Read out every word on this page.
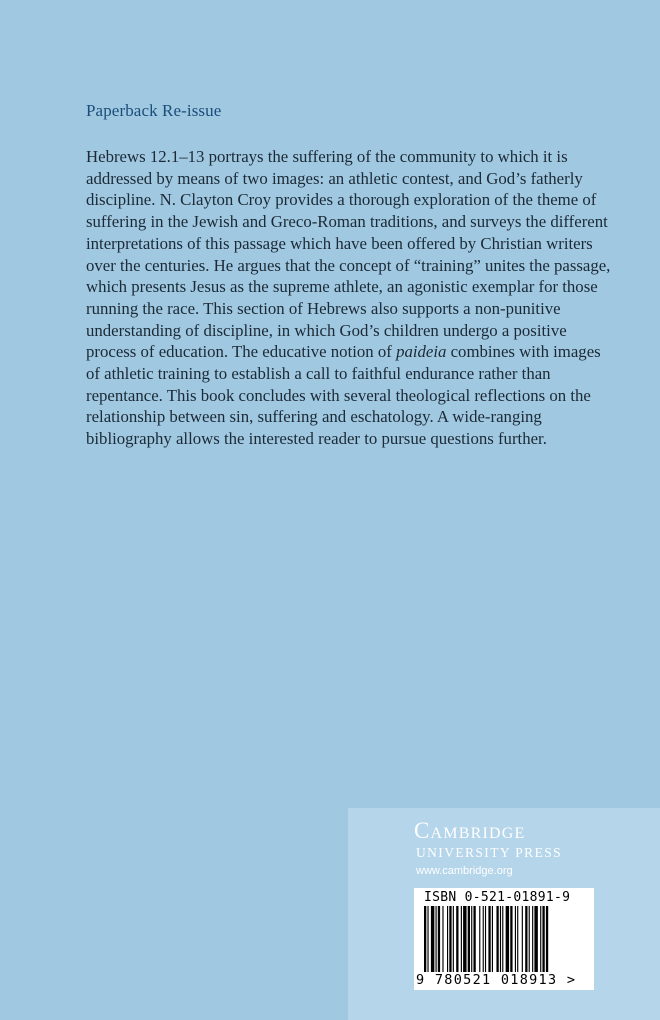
Paperback Re-issue

Hebrews 12.1–13 portrays the suffering of the community to which it is addressed by means of two images: an athletic contest, and God’s fatherly discipline. N. Clayton Croy provides a thorough exploration of the theme of suffering in the Jewish and Greco-Roman traditions, and surveys the different interpretations of this passage which have been offered by Christian writers over the centuries. He argues that the concept of “training” unites the passage, which presents Jesus as the supreme athlete, an agonistic exemplar for those running the race. This section of Hebrews also supports a non-punitive understanding of discipline, in which God’s children undergo a positive process of education. The educative notion of paideia combines with images of athletic training to establish a call to faithful endurance rather than repentance. This book concludes with several theological reflections on the relationship between sin, suffering and eschatology. A wide-ranging bibliography allows the interested reader to pursue questions further.

Cambridge
UNIVERSITY PRESS
www.cambridge.org
ISBN 0-521-01891-9
9 780521 018913 >
